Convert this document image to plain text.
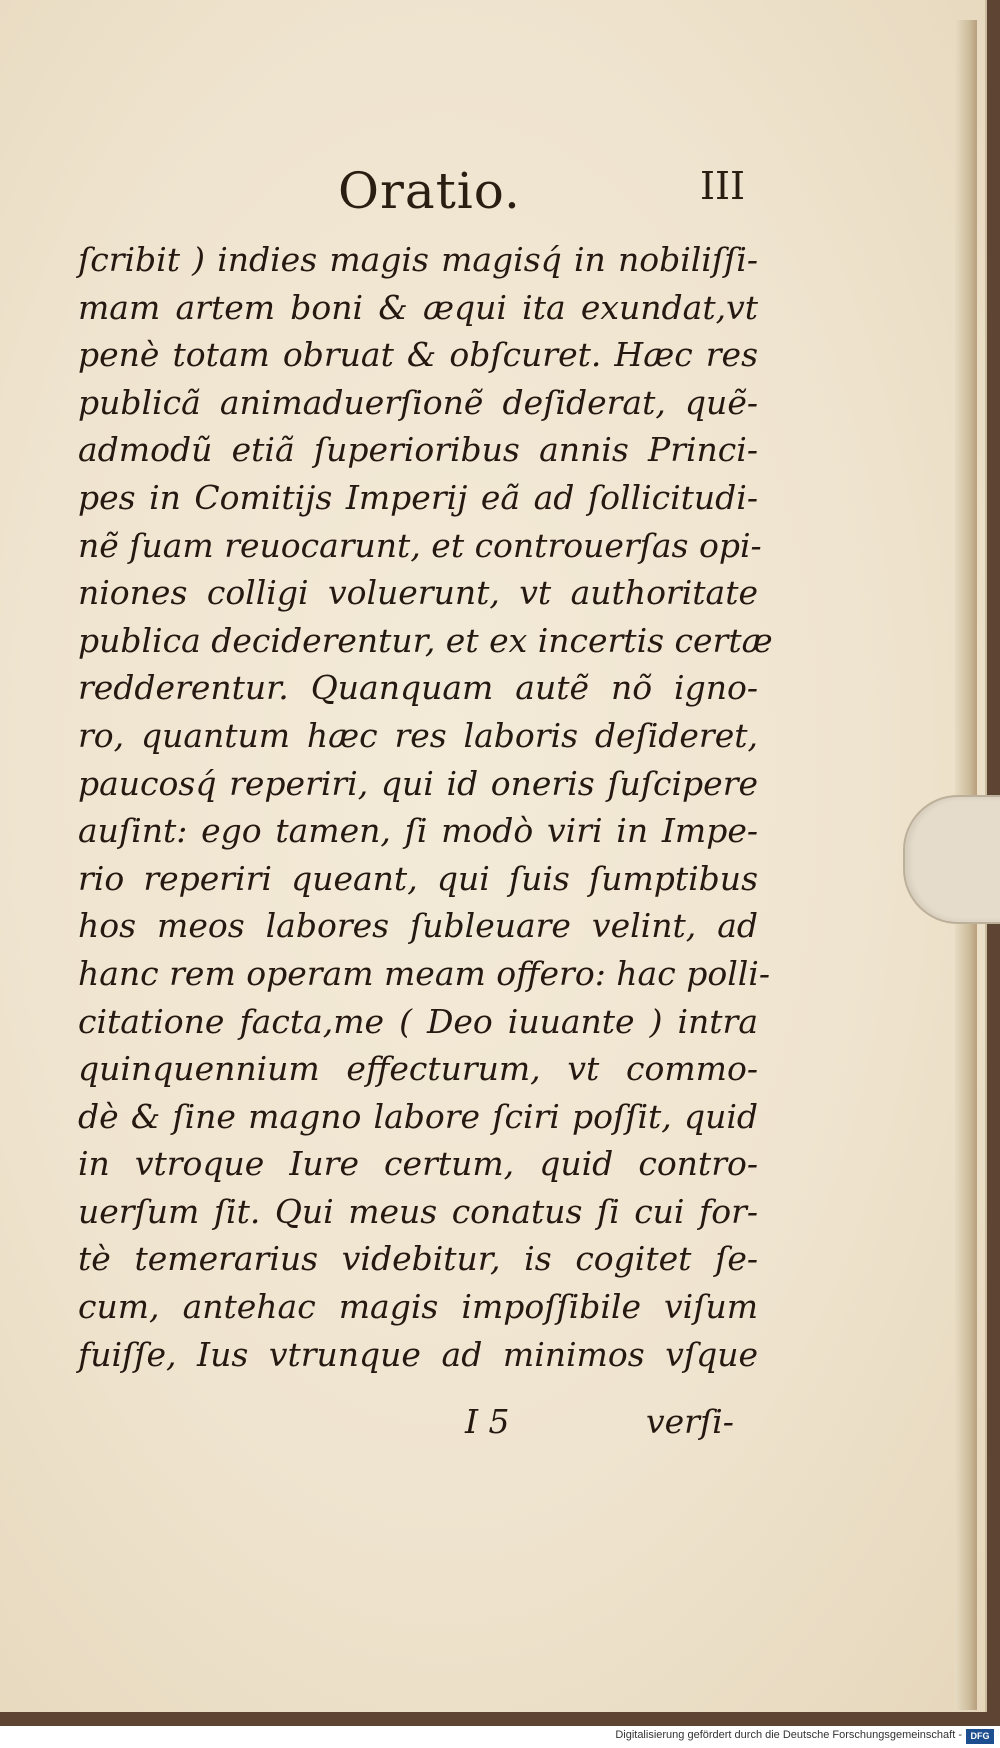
Oratio.	III
ſcribit ) indies magis magisq́ in nobiliſſi-
mam artem boni & æqui ita exundat,vt
penè totam obruat & obſcuret. Hæc res
publicã animaduerſionẽ deſiderat, quẽ-
admodũ etiã ſuperioribus annis Princi-
pes in Comitijs Imperij eã ad ſollicitudi-
nẽ ſuam reuocarunt, et controuerſas opi-
niones colligi voluerunt, vt authoritate
publica deciderentur, et ex incertis certæ
redderentur. Quanquam autẽ nõ igno-
ro, quantum hæc res laboris deſideret,
paucosq́ reperiri, qui id oneris ſuſcipere
auſint: ego tamen, ſi modò viri in Impe-
rio reperiri queant, qui ſuis ſumptibus
hos meos labores ſubleuare velint, ad
hanc rem operam meam offero: hac polli-
citatione facta,me ( Deo iuuante ) intra
quinquennium effecturum, vt commo-
dè & ſine magno labore ſciri poſſit, quid
in vtroque Iure certum, quid contro-
uerſum ſit. Qui meus conatus ſi cui for-
tè temerarius videbitur, is cogitet ſe-
cum, antehac magis impoſſibile viſum
fuiſſe, Ius vtrunque ad minimos vſque
I 5	verſi-
Digitalisierung gefördert durch die Deutsche Forschungsgemeinschaft - DFG
